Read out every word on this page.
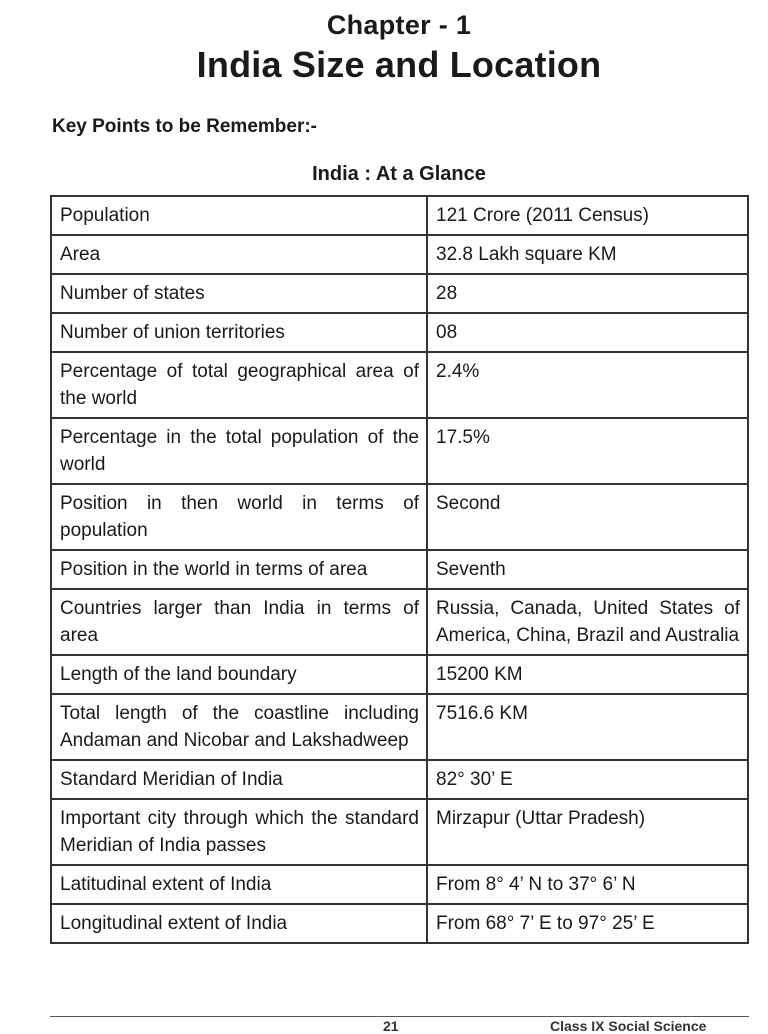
Chapter - 1
India Size and Location
Key Points to be Remember:-
India : At a Glance
Population	121 Crore (2011 Census)
Area	32.8 Lakh square KM
Number of states	28
Number of union territories	08
Percentage of total geographical area of the world	2.4%
Percentage in the total population of the world	17.5%
Position in then world in terms of population	Second
Position in the world in terms of area	Seventh
Countries larger than India in terms of area	Russia, Canada, United States of America, China, Brazil and Australia
Length of the land boundary	15200 KM
Total length of the coastline including Andaman and Nicobar and Lakshadweep	7516.6 KM
Standard Meridian of India	82° 30’ E
Important city through which the standard Meridian of India passes	Mirzapur (Uttar Pradesh)
Latitudinal extent of India	From 8° 4’ N to 37° 6’ N
Longitudinal extent of India	From 68° 7’ E to 97° 25’ E
21	Class IX Social Science
